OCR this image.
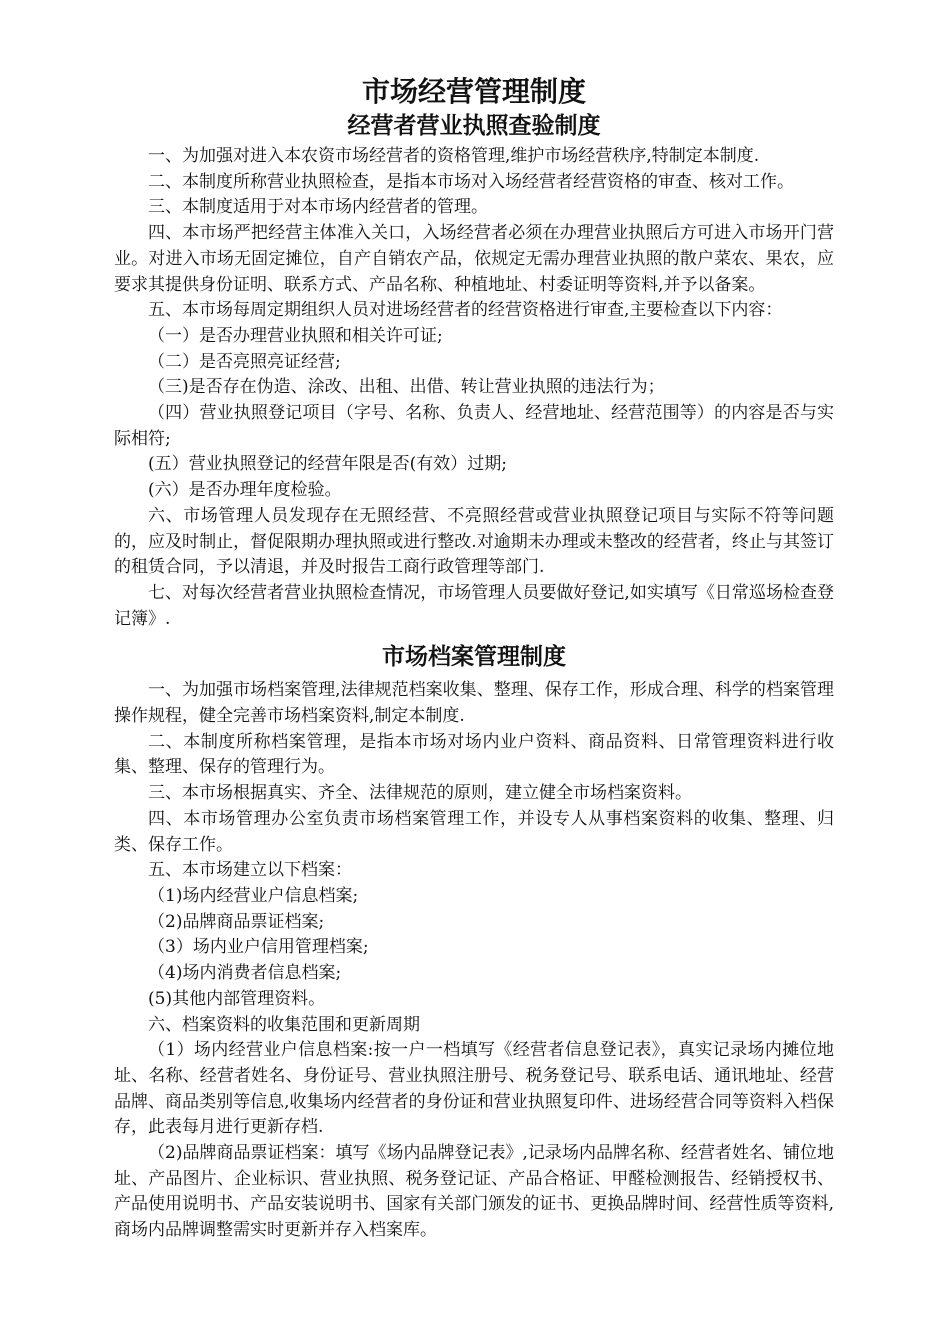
市场经营管理制度
经营者营业执照查验制度

一、为加强对进入本农资市场经营者的资格管理,维护市场经营秩序,特制定本制度.

二、本制度所称营业执照检查，是指本市场对入场经营者经营资格的审查、核对工作。

三、本制度适用于对本市场内经营者的管理。

四、本市场严把经营主体准入关口，入场经营者必须在办理营业执照后方可进入市场开门营业。对进入市场无固定摊位，自产自销农产品，依规定无需办理营业执照的散户菜农、果农，应要求其提供身份证明、联系方式、产品名称、种植地址、村委证明等资料,并予以备案。

五、本市场每周定期组织人员对进场经营者的经营资格进行审查,主要检查以下内容：

（一）是否办理营业执照和相关许可证;

（二）是否亮照亮证经营;

（三)是否存在伪造、涂改、出租、出借、转让营业执照的违法行为；

（四）营业执照登记项目（字号、名称、负责人、经营地址、经营范围等）的内容是否与实际相符;

(五）营业执照登记的经营年限是否(有效）过期;

(六）是否办理年度检验。

六、市场管理人员发现存在无照经营、不亮照经营或营业执照登记项目与实际不符等问题的，应及时制止，督促限期办理执照或进行整改.对逾期未办理或未整改的经营者，终止与其签订的租赁合同，予以清退，并及时报告工商行政管理等部门.

七、对每次经营者营业执照检查情况，市场管理人员要做好登记,如实填写《日常巡场检查登记簿》.

市场档案管理制度

一、为加强市场档案管理,法律规范档案收集、整理、保存工作，形成合理、科学的档案管理操作规程，健全完善市场档案资料,制定本制度.

二、本制度所称档案管理，是指本市场对场内业户资料、商品资料、日常管理资料进行收集、整理、保存的管理行为。

三、本市场根据真实、齐全、法律规范的原则，建立健全市场档案资料。

四、本市场管理办公室负责市场档案管理工作，并设专人从事档案资料的收集、整理、归类、保存工作。

五、本市场建立以下档案：

（1)场内经营业户信息档案;

（2)品牌商品票证档案;

（3）场内业户信用管理档案;

（4)场内消费者信息档案;

(5)其他内部管理资料。

六、档案资料的收集范围和更新周期

（1）场内经营业户信息档案:按一户一档填写《经营者信息登记表》，真实记录场内摊位地址、名称、经营者姓名、身份证号、营业执照注册号、税务登记号、联系电话、通讯地址、经营品牌、商品类别等信息,收集场内经营者的身份证和营业执照复印件、进场经营合同等资料入档保存，此表每月进行更新存档.

（2)品牌商品票证档案：填写《场内品牌登记表》,记录场内品牌名称、经营者姓名、铺位地址、产品图片、企业标识、营业执照、税务登记证、产品合格证、甲醛检测报告、经销授权书、产品使用说明书、产品安装说明书、国家有关部门颁发的证书、更换品牌时间、经营性质等资料,商场内品牌调整需实时更新并存入档案库。
